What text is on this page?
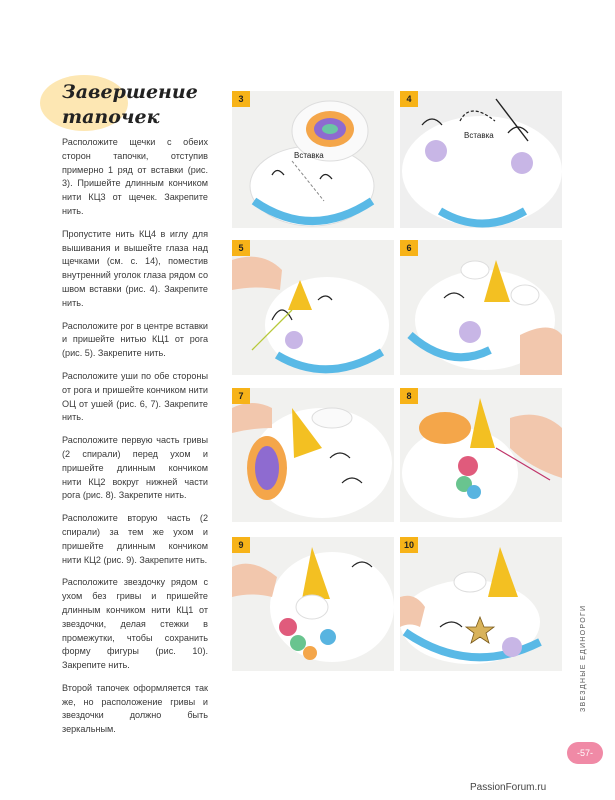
Завершение тапочек

Расположите щечки с обеих сторон тапочки, отступив примерно 1 ряд от вставки (рис. 3). Пришейте длинным кончиком нити КЦ3 от щечек. Закрепите нить.

Пропустите нить КЦ4 в иглу для вышивания и вышейте глаза над щечками (см. с. 14), поместив внутренний уголок глаза рядом со швом вставки (рис. 4). Закрепите нить.

Расположите рог в центре вставки и пришейте нитью КЦ1 от рога (рис. 5). Закрепите нить.

Расположите уши по обе стороны от рога и пришейте кончиком нити ОЦ от ушей (рис. 6, 7). Закрепите нить.

Расположите первую часть гривы (2 спирали) перед ухом и пришейте длинным кончиком нити КЦ2 вокруг нижней части рога (рис. 8). Закрепите нить.

Расположите вторую часть (2 спирали) за тем же ухом и пришейте длинным кончиком нити КЦ2 (рис. 9). Закрепите нить.

Расположите звездочку рядом с ухом без гривы и пришейте длинным кончиком нити КЦ1 от звездочки, делая стежки в промежутки, чтобы сохранить форму фигуры (рис. 10). Закрепите нить.

Второй тапочек оформляется так же, но расположение гривы и звездочки должно быть зеркальным.

3
Вставка
4
Вставка
5	6
7	8
9	10
ЗВЕЗДНЫЕ ЕДИНОРОГИ
-57-
PassionForum.ru
